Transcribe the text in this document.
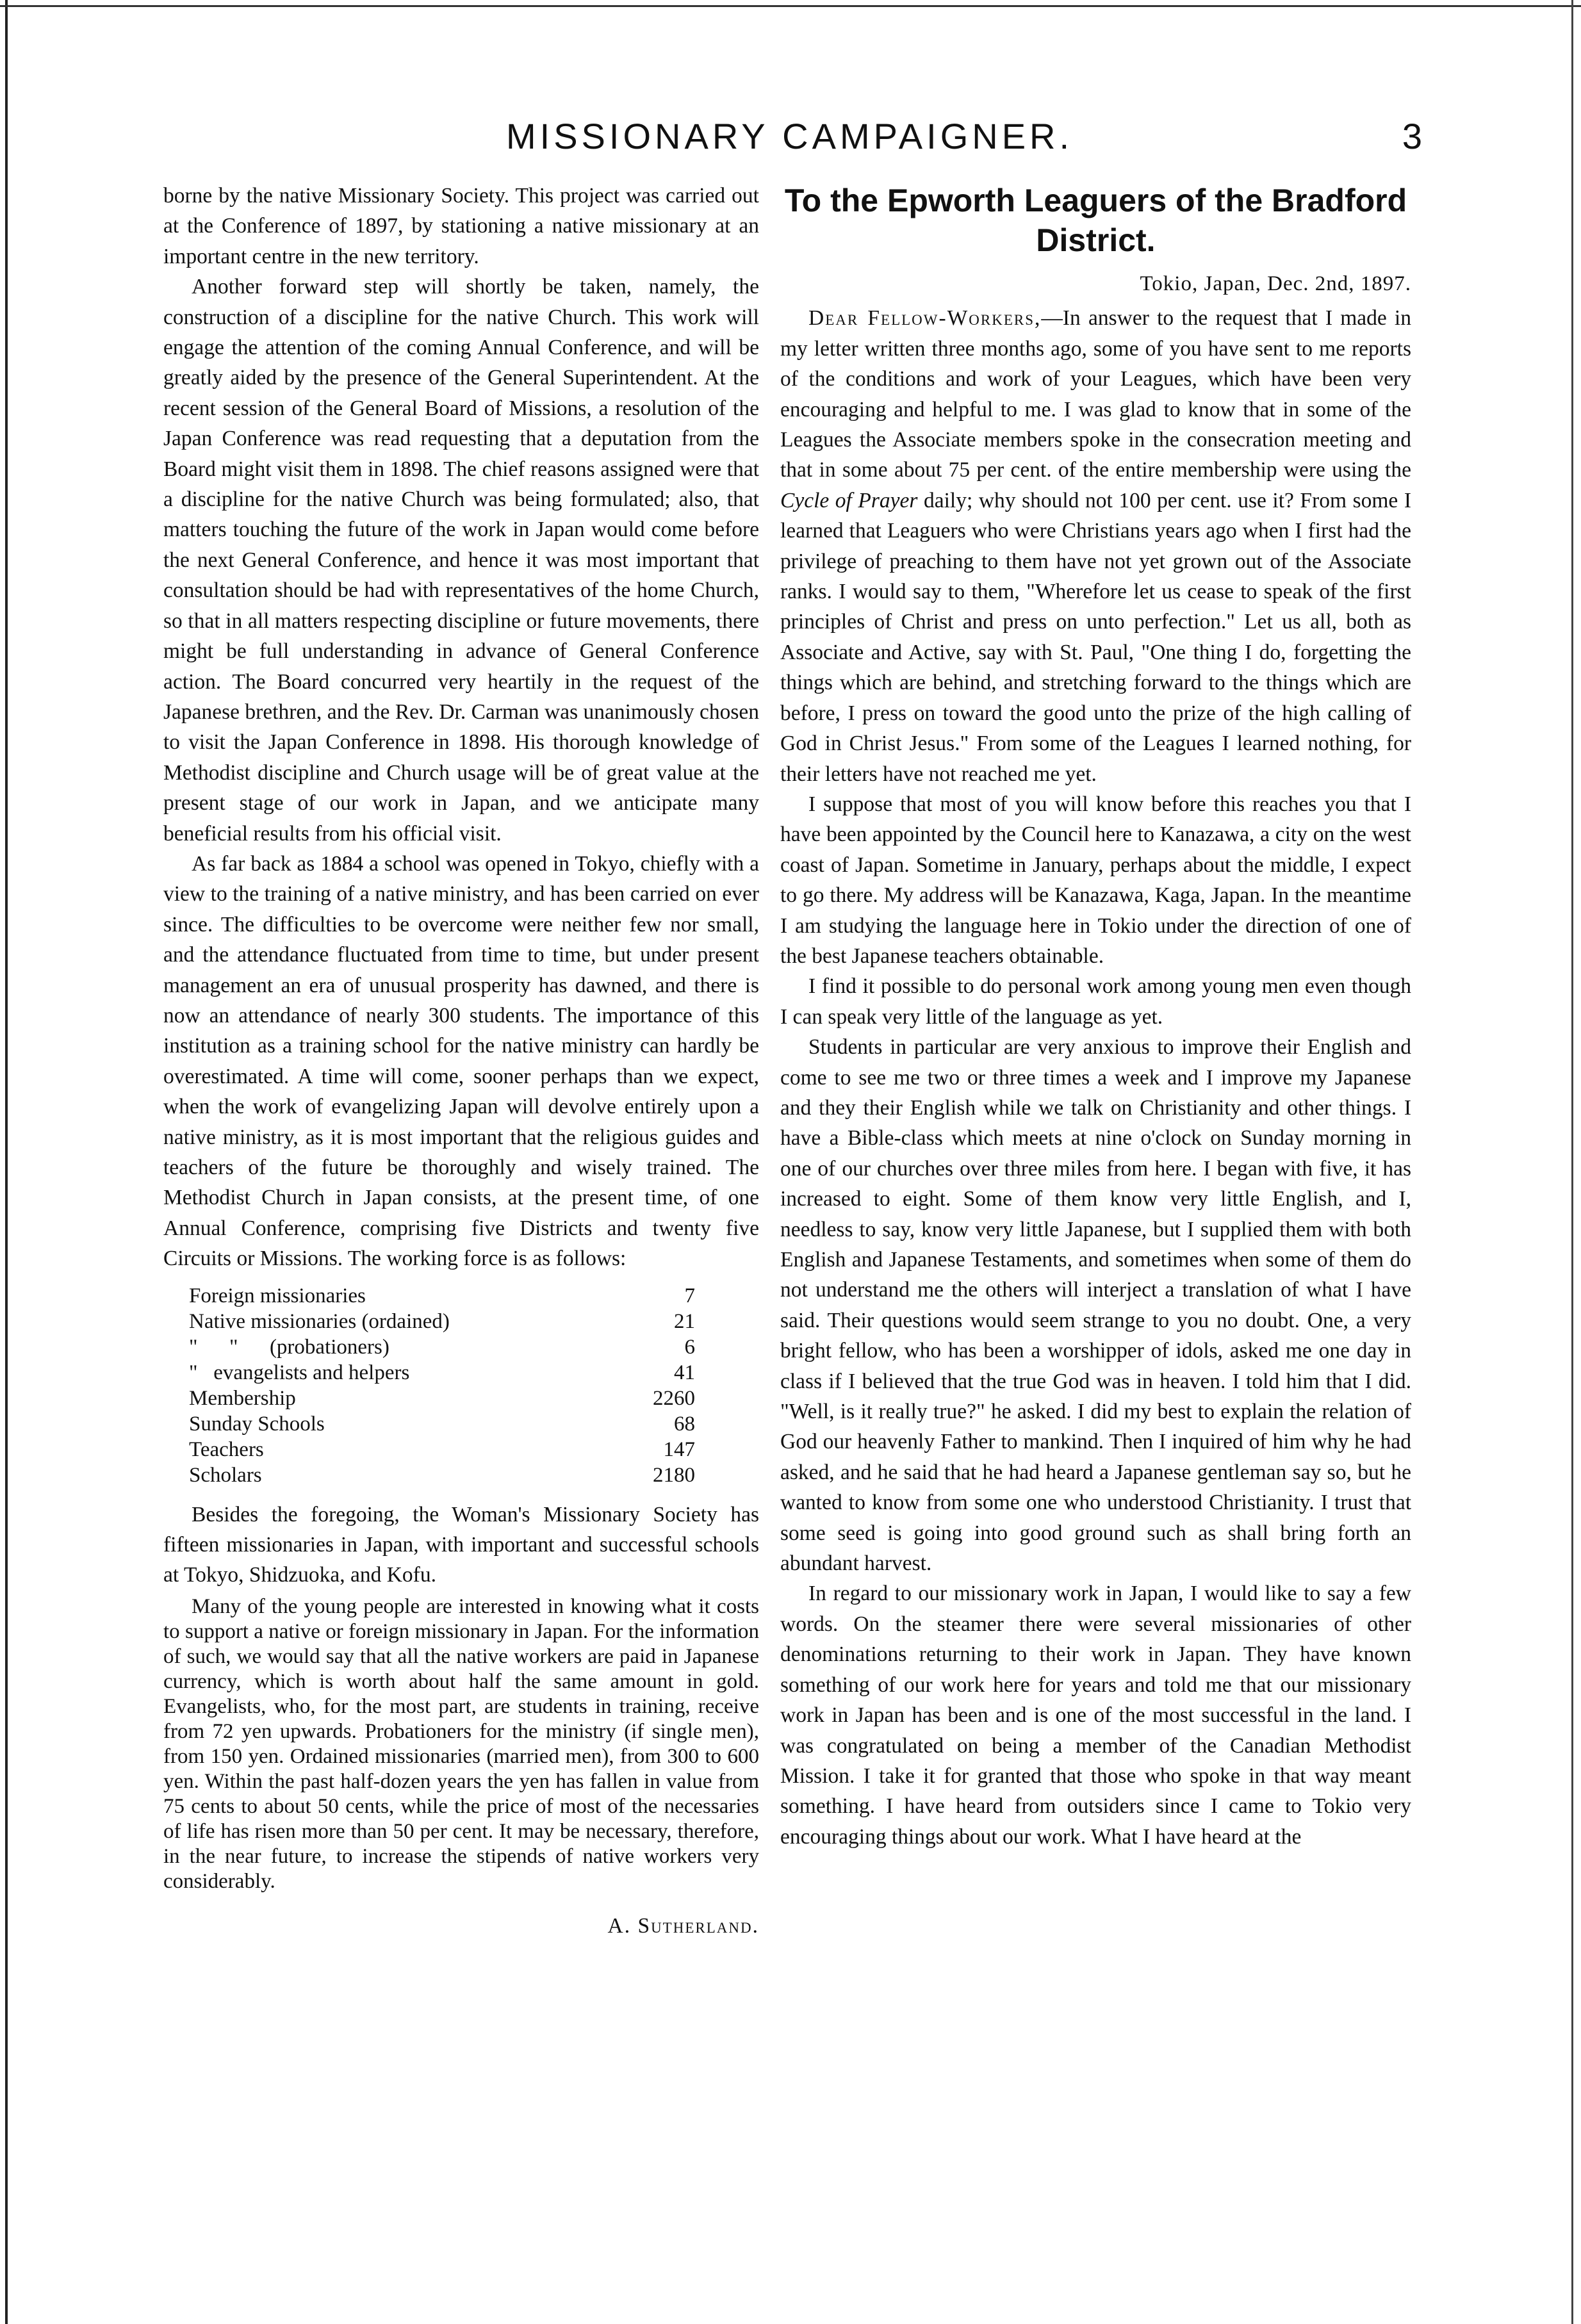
MISSIONARY CAMPAIGNER.	3

borne by the native Missionary Society. This project was carried out at the Conference of 1897, by stationing a native missionary at an important centre in the new territory.

Another forward step will shortly be taken, namely, the construction of a discipline for the native Church. This work will engage the attention of the coming Annual Conference, and will be greatly aided by the presence of the General Superintendent. At the recent session of the General Board of Missions, a resolution of the Japan Conference was read requesting that a deputation from the Board might visit them in 1898. The chief reasons assigned were that a discipline for the native Church was being formulated; also, that matters touching the future of the work in Japan would come before the next General Conference, and hence it was most important that consultation should be had with representatives of the home Church, so that in all matters respecting discipline or future movements, there might be full understanding in advance of General Conference action. The Board concurred very heartily in the request of the Japanese brethren, and the Rev. Dr. Carman was unanimously chosen to visit the Japan Conference in 1898. His thorough knowledge of Methodist discipline and Church usage will be of great value at the present stage of our work in Japan, and we anticipate many beneficial results from his official visit.

As far back as 1884 a school was opened in Tokyo, chiefly with a view to the training of a native ministry, and has been carried on ever since. The difficulties to be overcome were neither few nor small, and the attendance fluctuated from time to time, but under present management an era of unusual prosperity has dawned, and there is now an attendance of nearly 300 students. The importance of this institution as a training school for the native ministry can hardly be overestimated. A time will come, sooner perhaps than we expect, when the work of evangelizing Japan will devolve entirely upon a native ministry, as it is most important that the religious guides and teachers of the future be thoroughly and wisely trained. The Methodist Church in Japan consists, at the present time, of one Annual Conference, comprising five Districts and twenty five Circuits or Missions. The working force is as follows:

Foreign missionaries	7
Native missionaries (ordained)	21
"      "      (probationers)	6
"   evangelists and helpers	41
Membership	2260
Sunday Schools	68
Teachers	147
Scholars	2180

Besides the foregoing, the Woman's Missionary Society has fifteen missionaries in Japan, with important and successful schools at Tokyo, Shidzuoka, and Kofu.

Many of the young people are interested in knowing what it costs to support a native or foreign missionary in Japan. For the information of such, we would say that all the native workers are paid in Japanese currency, which is worth about half the same amount in gold. Evangelists, who, for the most part, are students in training, receive from 72 yen upwards. Probationers for the ministry (if single men), from 150 yen. Ordained missionaries (married men), from 300 to 600 yen. Within the past half-dozen years the yen has fallen in value from 75 cents to about 50 cents, while the price of most of the necessaries of life has risen more than 50 per cent. It may be necessary, therefore, in the near future, to increase the stipends of native workers very considerably.

A. Sutherland.
To the Epworth Leaguers of the Bradford District.
Tokio, Japan, Dec. 2nd, 1897.

Dear Fellow-Workers,—In answer to the request that I made in my letter written three months ago, some of you have sent to me reports of the conditions and work of your Leagues, which have been very encouraging and helpful to me. I was glad to know that in some of the Leagues the Associate members spoke in the consecration meeting and that in some about 75 per cent. of the entire membership were using the Cycle of Prayer daily; why should not 100 per cent. use it? From some I learned that Leaguers who were Christians years ago when I first had the privilege of preaching to them have not yet grown out of the Associate ranks. I would say to them, "Wherefore let us cease to speak of the first principles of Christ and press on unto perfection." Let us all, both as Associate and Active, say with St. Paul, "One thing I do, forgetting the things which are behind, and stretching forward to the things which are before, I press on toward the good unto the prize of the high calling of God in Christ Jesus." From some of the Leagues I learned nothing, for their letters have not reached me yet.

I suppose that most of you will know before this reaches you that I have been appointed by the Council here to Kanazawa, a city on the west coast of Japan. Sometime in January, perhaps about the middle, I expect to go there. My address will be Kanazawa, Kaga, Japan. In the meantime I am studying the language here in Tokio under the direction of one of the best Japanese teachers obtainable.

I find it possible to do personal work among young men even though I can speak very little of the language as yet.

Students in particular are very anxious to improve their English and come to see me two or three times a week and I improve my Japanese and they their English while we talk on Christianity and other things. I have a Bible-class which meets at nine o'clock on Sunday morning in one of our churches over three miles from here. I began with five, it has increased to eight. Some of them know very little English, and I, needless to say, know very little Japanese, but I supplied them with both English and Japanese Testaments, and sometimes when some of them do not understand me the others will interject a translation of what I have said. Their questions would seem strange to you no doubt. One, a very bright fellow, who has been a worshipper of idols, asked me one day in class if I believed that the true God was in heaven. I told him that I did. "Well, is it really true?" he asked. I did my best to explain the relation of God our heavenly Father to mankind. Then I inquired of him why he had asked, and he said that he had heard a Japanese gentleman say so, but he wanted to know from some one who understood Christianity. I trust that some seed is going into good ground such as shall bring forth an abundant harvest.

In regard to our missionary work in Japan, I would like to say a few words. On the steamer there were several missionaries of other denominations returning to their work in Japan. They have known something of our work here for years and told me that our missionary work in Japan has been and is one of the most successful in the land. I was congratulated on being a member of the Canadian Methodist Mission. I take it for granted that those who spoke in that way meant something. I have heard from outsiders since I came to Tokio very encouraging things about our work. What I have heard at the
